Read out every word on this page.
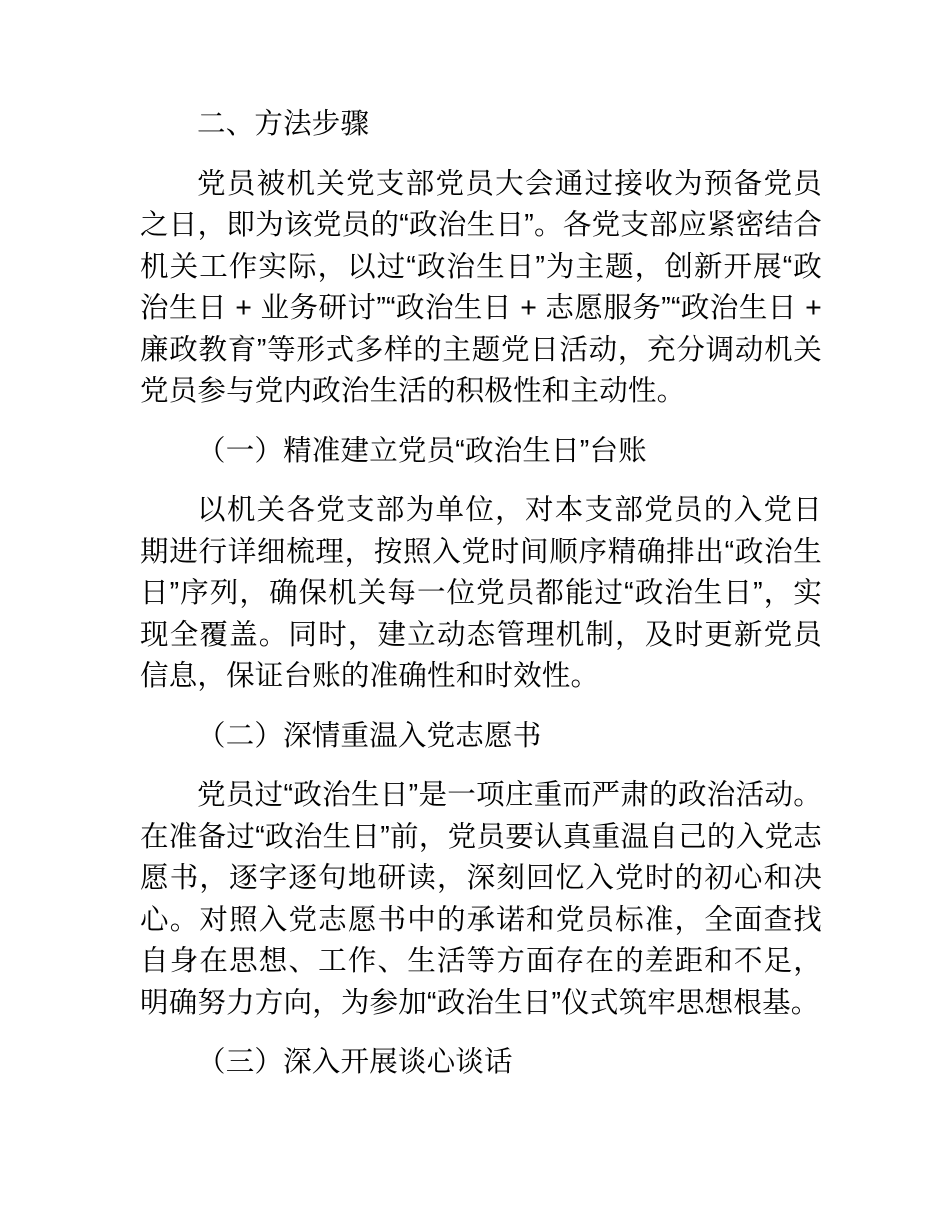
二、方法步骤

党员被机关党支部党员大会通过接收为预备党员之日，即为该党员的“政治生日”。各党支部应紧密结合机关工作实际，以过“政治生日”为主题，创新开展“政治生日 + 业务研讨”“政治生日 + 志愿服务”“政治生日 + 廉政教育”等形式多样的主题党日活动，充分调动机关党员参与党内政治生活的积极性和主动性。

（一）精准建立党员“政治生日”台账

以机关各党支部为单位，对本支部党员的入党日期进行详细梳理，按照入党时间顺序精确排出“政治生日”序列，确保机关每一位党员都能过“政治生日”，实现全覆盖。同时，建立动态管理机制，及时更新党员信息，保证台账的准确性和时效性。

（二）深情重温入党志愿书

党员过“政治生日”是一项庄重而严肃的政治活动。在准备过“政治生日”前，党员要认真重温自己的入党志愿书，逐字逐句地研读，深刻回忆入党时的初心和决心。对照入党志愿书中的承诺和党员标准，全面查找自身在思想、工作、生活等方面存在的差距和不足，明确努力方向，为参加“政治生日”仪式筑牢思想根基。

（三）深入开展谈心谈话
